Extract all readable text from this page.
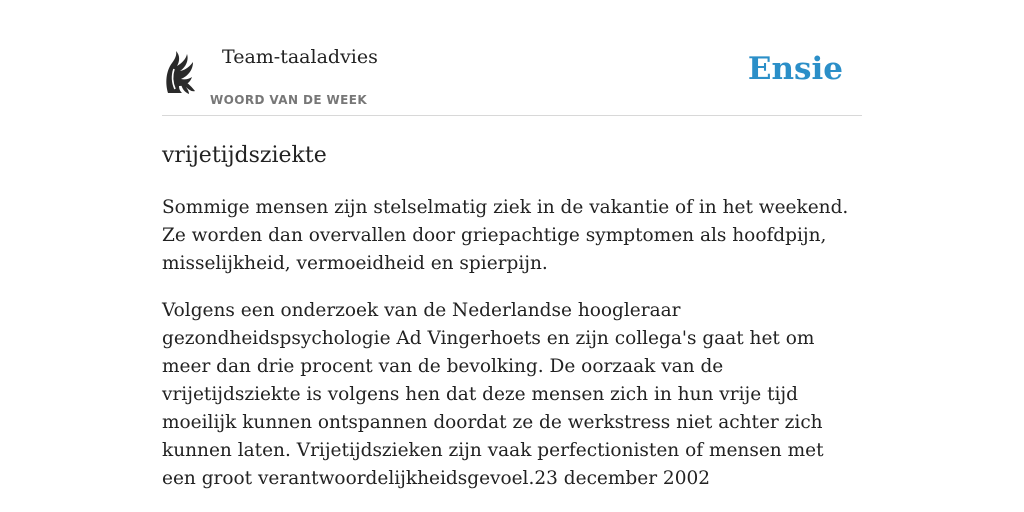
Team-taaladvies
WOORD VAN DE WEEK
Ensie
vrijetijdsziekte

Sommige mensen zijn stelselmatig ziek in de vakantie of in het weekend. Ze worden dan overvallen door griepachtige symptomen als hoofdpijn, misselijkheid, vermoeidheid en spierpijn.

Volgens een onderzoek van de Nederlandse hoogleraar gezondheidspsychologie Ad Vingerhoets en zijn collega's gaat het om meer dan drie procent van de bevolking. De oorzaak van de vrijetijdsziekte is volgens hen dat deze mensen zich in hun vrije tijd moeilijk kunnen ontspannen doordat ze de werkstress niet achter zich kunnen laten. Vrijetijdszieken zijn vaak perfectionisten of mensen met een groot verantwoordelijkheidsgevoel.23 december 2002
